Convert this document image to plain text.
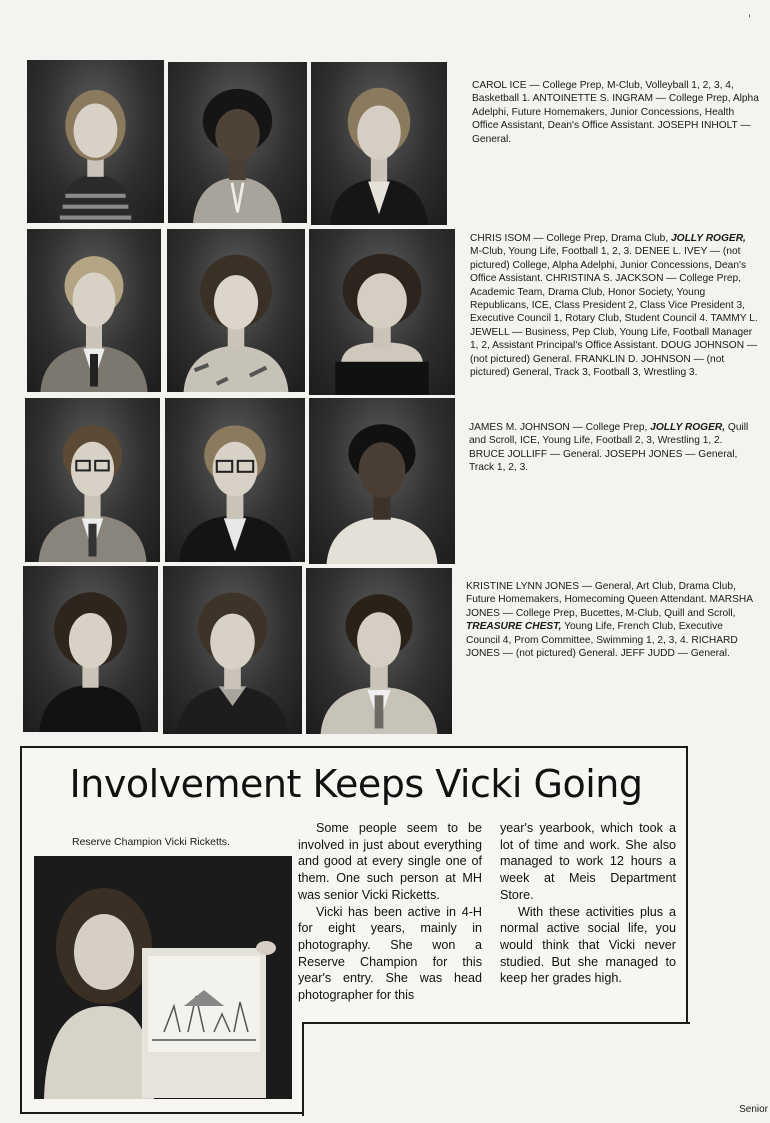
'

CAROL ICE — College Prep, M-Club, Volleyball 1, 2, 3, 4, Basketball 1. ANTOINETTE S. INGRAM — College Prep, Alpha Adelphi, Future Homemakers, Junior Concessions, Health Office Assistant, Dean's Office Assistant. JOSEPH INHOLT — General.

CHRIS ISOM — College Prep, Drama Club, JOLLY ROGER, M-Club, Young Life, Football 1, 2, 3. DENEE L. IVEY — (not pictured) College, Alpha Adelphi, Junior Concessions, Dean's Office Assistant. CHRISTINA S. JACKSON — College Prep, Academic Team, Drama Club, Honor Society, Young Republicans, ICE, Class President 2, Class Vice President 3, Executive Council 1, Rotary Club, Student Council 4. TAMMY L. JEWELL — Business, Pep Club, Young Life, Football Manager 1, 2, Assistant Principal's Office Assistant. DOUG JOHNSON — (not pictured) General. FRANKLIN D. JOHNSON — (not pictured) General, Track 3, Football 3, Wrestling 3.

JAMES M. JOHNSON — College Prep, JOLLY ROGER, Quill and Scroll, ICE, Young Life, Football 2, 3, Wrestling 1, 2. BRUCE JOLLIFF — General. JOSEPH JONES — General, Track 1, 2, 3.

KRISTINE LYNN JONES — General, Art Club, Drama Club, Future Homemakers, Homecoming Queen Attendant. MARSHA JONES — College Prep, Bucettes, M-Club, Quill and Scroll, TREASURE CHEST, Young Life, French Club, Executive Council 4, Prom Committee, Swimming 1, 2, 3, 4. RICHARD JONES — (not pictured) General. JEFF JUDD — General.

Involvement Keeps Vicki Going

Reserve Champion Vicki Ricketts.

Some people seem to be involved in just about everything and good at every single one of them. One such person at MH was senior Vicki Ricketts.

Vicki has been active in 4-H for eight years, mainly in photography. She won a Reserve Champion for this year's entry. She was head photographer for this

year's yearbook, which took a lot of time and work. She also managed to work 12 hours a week at Meis Department Store.

With these activities plus a normal active social life, you would think that Vicki never studied. But she managed to keep her grades high.

Senior
